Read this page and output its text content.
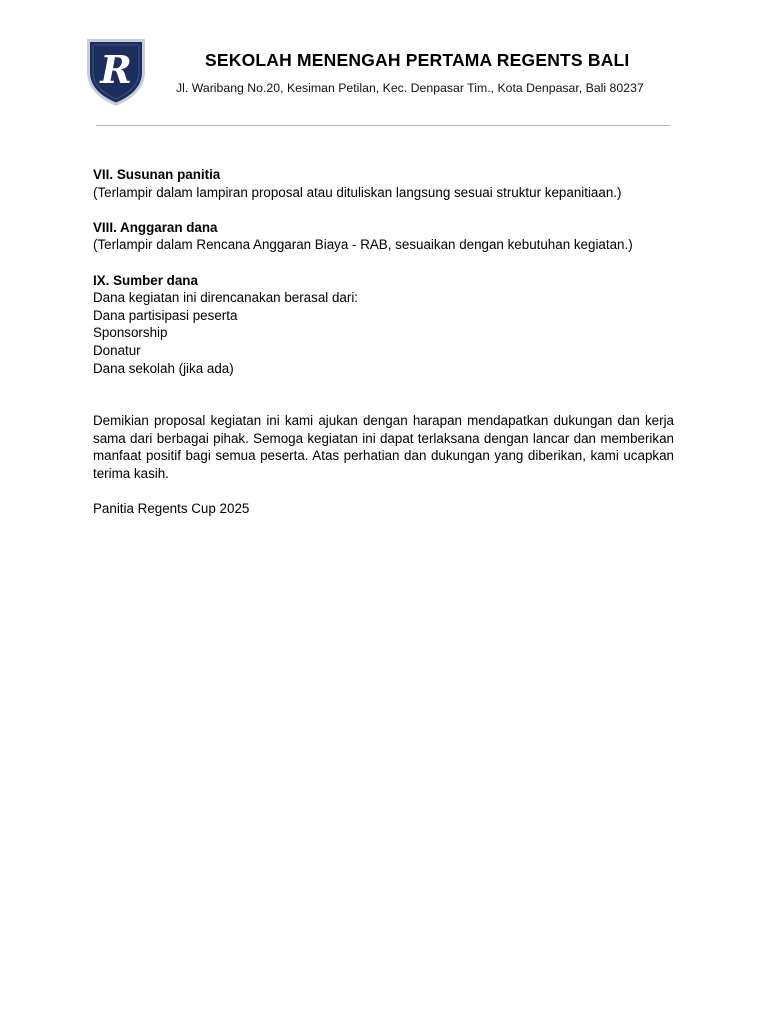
R	SEKOLAH MENENGAH PERTAMA REGENTS BALI
Jl. Waribang No.20, Kesiman Petilan, Kec. Denpasar Tim., Kota Denpasar, Bali 80237

VII. Susunan panitia

(Terlampir dalam lampiran proposal atau dituliskan langsung sesuai struktur kepanitiaan.)

VIII. Anggaran dana

(Terlampir dalam Rencana Anggaran Biaya - RAB, sesuaikan dengan kebutuhan kegiatan.)

IX. Sumber dana

Dana kegiatan ini direncanakan berasal dari:

Dana partisipasi peserta

Sponsorship

Donatur

Dana sekolah (jika ada)

Demikian proposal kegiatan ini kami ajukan dengan harapan mendapatkan dukungan dan kerja sama dari berbagai pihak. Semoga kegiatan ini dapat terlaksana dengan lancar dan memberikan manfaat positif bagi semua peserta. Atas perhatian dan dukungan yang diberikan, kami ucapkan terima kasih.

Panitia Regents Cup 2025
